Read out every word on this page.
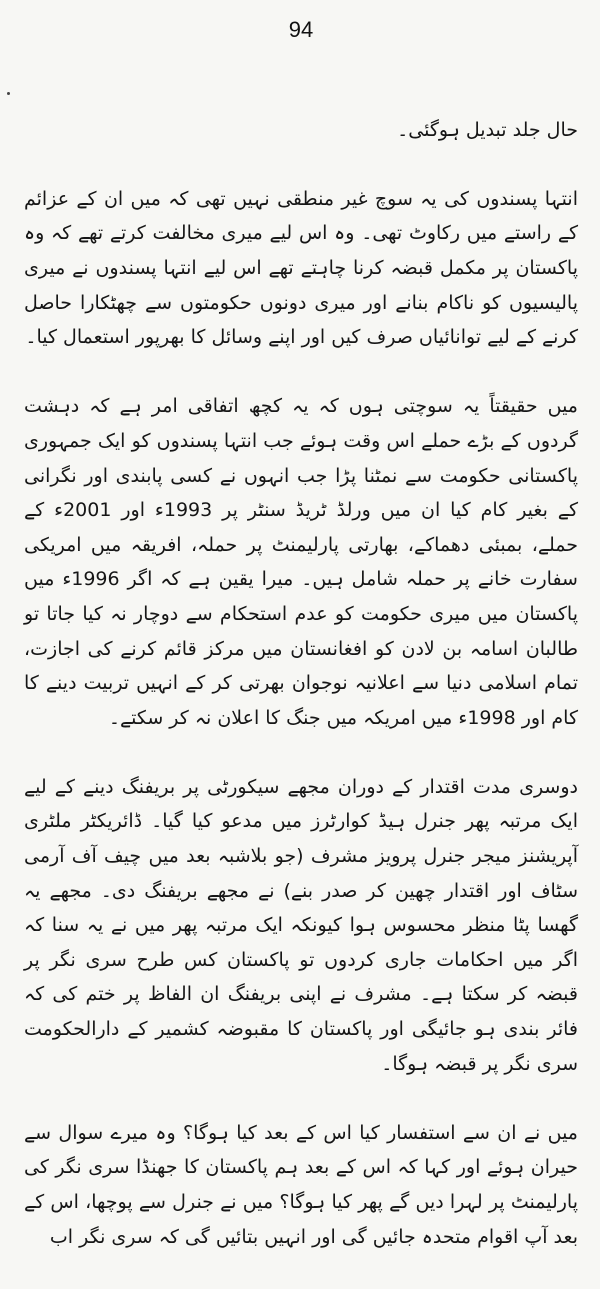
94

حال جلد تبدیل ہوگئی۔

انتہا پسندوں کی یہ سوچ غیر منطقی نہیں تھی کہ میں ان کے عزائم کے راستے میں رکاوٹ تھی۔ وہ اس لیے میری مخالفت کرتے تھے کہ وہ پاکستان پر مکمل قبضہ کرنا چاہتے تھے اس لیے انتہا پسندوں نے میری پالیسیوں کو ناکام بنانے اور میری دونوں حکومتوں سے چھٹکارا حاصل کرنے کے لیے توانائیاں صرف کیں اور اپنے وسائل کا بھرپور استعمال کیا۔

میں حقیقتاً یہ سوچتی ہوں کہ یہ کچھ اتفاقی امر ہے کہ دہشت گردوں کے بڑے حملے اس وقت ہوئے جب انتہا پسندوں کو ایک جمہوری پاکستانی حکومت سے نمٹنا پڑا جب انہوں نے کسی پابندی اور نگرانی کے بغیر کام کیا ان میں ورلڈ ٹریڈ سنٹر پر 1993ء اور 2001ء کے حملے، بمبئی دھماکے، بھارتی پارلیمنٹ پر حملہ، افریقہ میں امریکی سفارت خانے پر حملہ شامل ہیں۔ میرا یقین ہے کہ اگر 1996ء میں پاکستان میں میری حکومت کو عدم استحکام سے دوچار نہ کیا جاتا تو طالبان اسامہ بن لادن کو افغانستان میں مرکز قائم کرنے کی اجازت، تمام اسلامی دنیا سے اعلانیہ نوجوان بھرتی کر کے انہیں تربیت دینے کا کام اور 1998ء میں امریکہ میں جنگ کا اعلان نہ کر سکتے۔

دوسری مدت اقتدار کے دوران مجھے سیکورٹی پر بریفنگ دینے کے لیے ایک مرتبہ پھر جنرل ہیڈ کوارٹرز میں مدعو کیا گیا۔ ڈائریکٹر ملٹری آپریشنز میجر جنرل پرویز مشرف (جو بلاشبہ بعد میں چیف آف آرمی سٹاف اور اقتدار چھین کر صدر بنے) نے مجھے بریفنگ دی۔ مجھے یہ گھسا پٹا منظر محسوس ہوا کیونکہ ایک مرتبہ پھر میں نے یہ سنا کہ اگر میں احکامات جاری کردوں تو پاکستان کس طرح سری نگر پر قبضہ کر سکتا ہے۔ مشرف نے اپنی بریفنگ ان الفاظ پر ختم کی کہ فائر بندی ہو جائیگی اور پاکستان کا مقبوضہ کشمیر کے دارالحکومت سری نگر پر قبضہ ہوگا۔

میں نے ان سے استفسار کیا اس کے بعد کیا ہوگا؟ وہ میرے سوال سے حیران ہوئے اور کہا کہ اس کے بعد ہم پاکستان کا جھنڈا سری نگر کی پارلیمنٹ پر لہرا دیں گے پھر کیا ہوگا؟ میں نے جنرل سے پوچھا، اس کے بعد آپ اقوام متحدہ جائیں گی اور انہیں بتائیں گی کہ سری نگر اب
